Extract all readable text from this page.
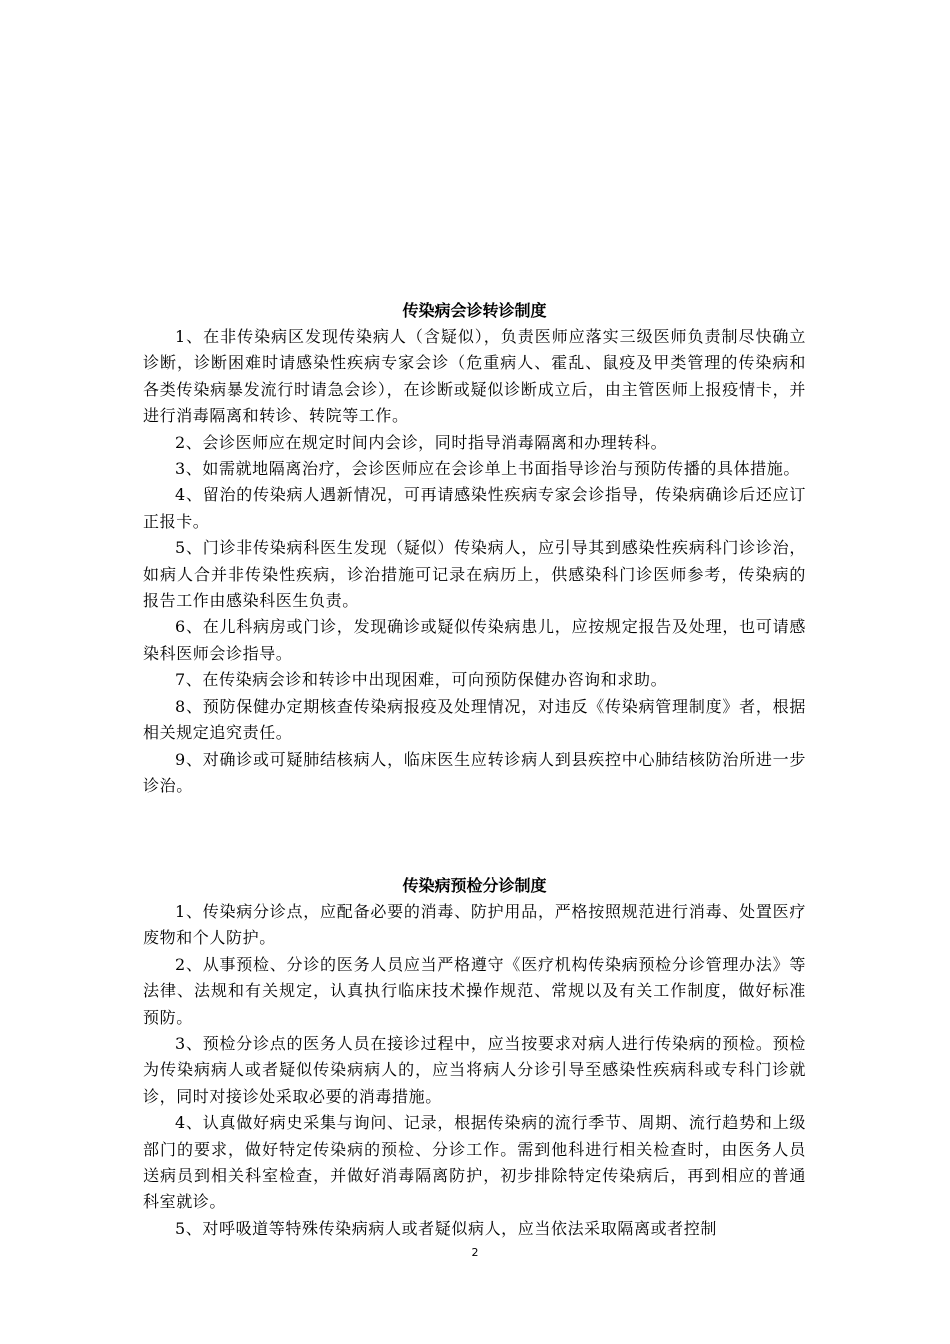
传染病会诊转诊制度

1、在非传染病区发现传染病人（含疑似），负责医师应落实三级医师负责制尽快确立诊断，诊断困难时请感染性疾病专家会诊（危重病人、霍乱、鼠疫及甲类管理的传染病和各类传染病暴发流行时请急会诊），在诊断或疑似诊断成立后，由主管医师上报疫情卡，并进行消毒隔离和转诊、转院等工作。

2、会诊医师应在规定时间内会诊，同时指导消毒隔离和办理转科。

3、如需就地隔离治疗，会诊医师应在会诊单上书面指导诊治与预防传播的具体措施。

4、留治的传染病人遇新情况，可再请感染性疾病专家会诊指导，传染病确诊后还应订正报卡。

5、门诊非传染病科医生发现（疑似）传染病人，应引导其到感染性疾病科门诊诊治，如病人合并非传染性疾病，诊治措施可记录在病历上，供感染科门诊医师参考，传染病的报告工作由感染科医生负责。

6、在儿科病房或门诊，发现确诊或疑似传染病患儿，应按规定报告及处理，也可请感染科医师会诊指导。

7、在传染病会诊和转诊中出现困难，可向预防保健办咨询和求助。

8、预防保健办定期核查传染病报疫及处理情况，对违反《传染病管理制度》者，根据相关规定追究责任。

9、对确诊或可疑肺结核病人，临床医生应转诊病人到县疾控中心肺结核防治所进一步诊治。

传染病预检分诊制度

1、传染病分诊点，应配备必要的消毒、防护用品，严格按照规范进行消毒、处置医疗废物和个人防护。

2、从事预检、分诊的医务人员应当严格遵守《医疗机构传染病预检分诊管理办法》等法律、法规和有关规定，认真执行临床技术操作规范、常规以及有关工作制度，做好标准预防。

3、预检分诊点的医务人员在接诊过程中，应当按要求对病人进行传染病的预检。预检为传染病病人或者疑似传染病病人的，应当将病人分诊引导至感染性疾病科或专科门诊就诊，同时对接诊处采取必要的消毒措施。

4、认真做好病史采集与询问、记录，根据传染病的流行季节、周期、流行趋势和上级部门的要求，做好特定传染病的预检、分诊工作。需到他科进行相关检查时，由医务人员送病员到相关科室检查，并做好消毒隔离防护，初步排除特定传染病后，再到相应的普通科室就诊。

5、对呼吸道等特殊传染病病人或者疑似病人，应当依法采取隔离或者控制

2
